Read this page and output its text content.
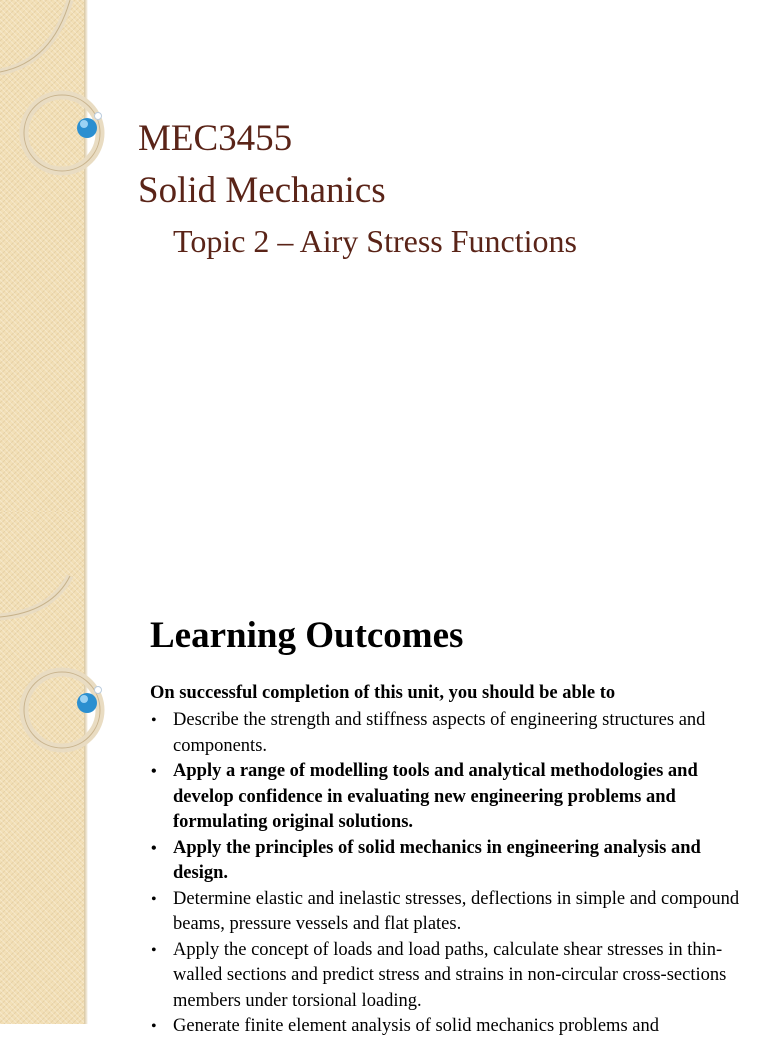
MEC3455
Solid Mechanics
Topic 2 – Airy Stress Functions
Learning Outcomes
On successful completion of this unit, you should be able to
• Describe the strength and stiffness aspects of engineering structures and components.
• Apply a range of modelling tools and analytical methodologies and develop confidence in evaluating new engineering problems and formulating original solutions.
• Apply the principles of solid mechanics in engineering analysis and design.
• Determine elastic and inelastic stresses, deflections in simple and compound beams, pressure vessels and flat plates.
• Apply the concept of loads and load paths, calculate shear stresses in thin-walled sections and predict stress and strains in non-circular cross-sections members under torsional loading.
• Generate finite element analysis of solid mechanics problems and
